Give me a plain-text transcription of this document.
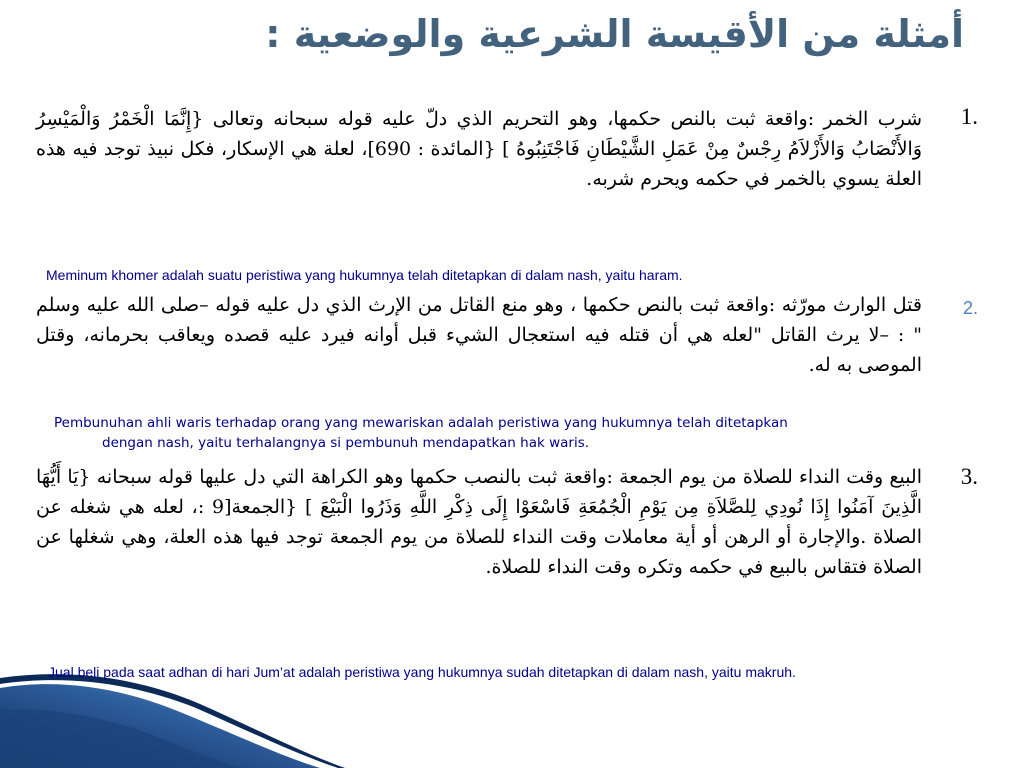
أمثلة من الأقيسة الشرعية والوضعية :
1.
شرب الخمر :واقعة ثبت بالنص حكمها، وهو التحريم الذي دلّ عليه قوله سبحانه وتعالى {إِنَّمَا الْخَمْرُ وَالْمَيْسِرُ وَالأَنْصَابُ وَالأَزْلاَمُ رِجْسٌ مِنْ عَمَلِ الشَّيْطَانِ فَاجْتَنِبُوهُ ] {المائدة : 690]، لعلة هي الإسكار، فكل نبيذ توجد فيه هذه العلة يسوي بالخمر في حكمه ويحرم شربه.
Meminum khomer adalah suatu peristiwa yang hukumnya telah ditetapkan di dalam nash, yaitu haram.
2.
قتل الوارث مورّثه :واقعة ثبت بالنص حكمها ، وهو منع القاتل من الإرث الذي دل عليه قوله –صلى الله عليه وسلم " : –لا يرث القاتل "لعله هي أن قتله فيه استعجال الشيء قبل أوانه فيرد عليه قصده ويعاقب بحرمانه، وقتل الموصى به له.
Pembunuhan ahli waris terhadap orang yang mewariskan adalah peristiwa yang hukumnya telah ditetapkan
dengan nash, yaitu terhalangnya si pembunuh mendapatkan hak waris.
3.
البيع وقت النداء للصلاة من يوم الجمعة :واقعة ثبت بالنصب حكمها وهو الكراهة التي دل عليها قوله سبحانه {يَا أَيُّهَا الَّذِينَ آمَنُوا إِذَا نُودِي لِلصَّلاَةِ مِن يَوْمِ الْجُمُعَةِ فَاسْعَوْا إِلَى ذِكْرِ اللَّهِ وَذَرُوا الْبَيْعَ ] {الجمعة[9 :، لعله هي شغله عن الصلاة .والإجارة أو الرهن أو أية معاملات وقت النداء للصلاة من يوم الجمعة توجد فيها هذه العلة، وهي شغلها عن الصلاة فتقاس بالبيع في حكمه وتكره وقت النداء للصلاة.
Jual beli pada saat adhan di hari Jum’at adalah peristiwa yang hukumnya sudah ditetapkan di dalam nash, yaitu makruh.
